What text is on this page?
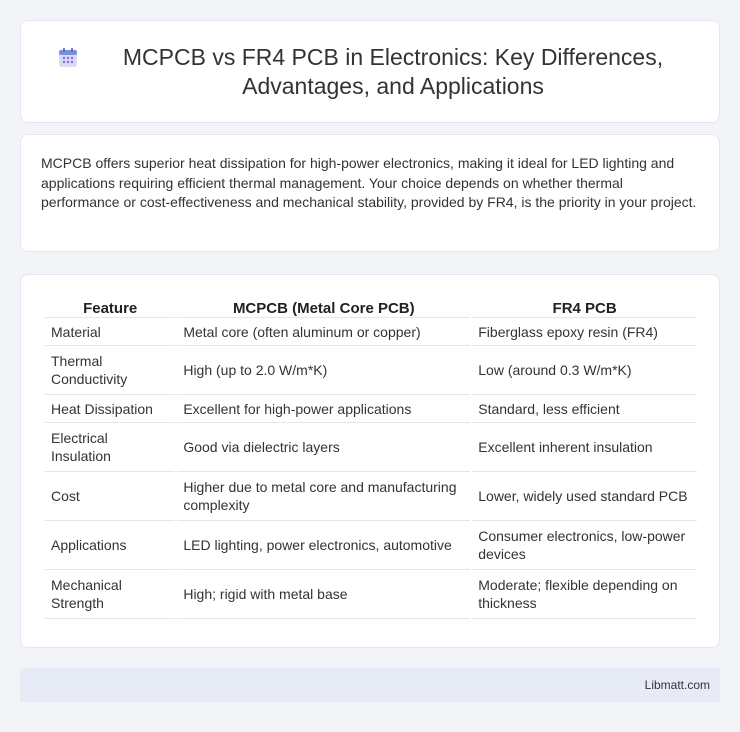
MCPCB vs FR4 PCB in Electronics: Key Differences, Advantages, and Applications

MCPCB offers superior heat dissipation for high-power electronics, making it ideal for LED lighting and applications requiring efficient thermal management. Your choice depends on whether thermal performance or cost-effectiveness and mechanical stability, provided by FR4, is the priority in your project.

Feature	MCPCB (Metal Core PCB)	FR4 PCB
Material	Metal core (often aluminum or copper)	Fiberglass epoxy resin (FR4)
Thermal Conductivity	High (up to 2.0 W/m*K)	Low (around 0.3 W/m*K)
Heat Dissipation	Excellent for high-power applications	Standard, less efficient
Electrical Insulation	Good via dielectric layers	Excellent inherent insulation
Cost	Higher due to metal core and manufacturing complexity	Lower, widely used standard PCB
Applications	LED lighting, power electronics, automotive	Consumer electronics, low-power devices
Mechanical Strength	High; rigid with metal base	Moderate; flexible depending on thickness
Libmatt.com
